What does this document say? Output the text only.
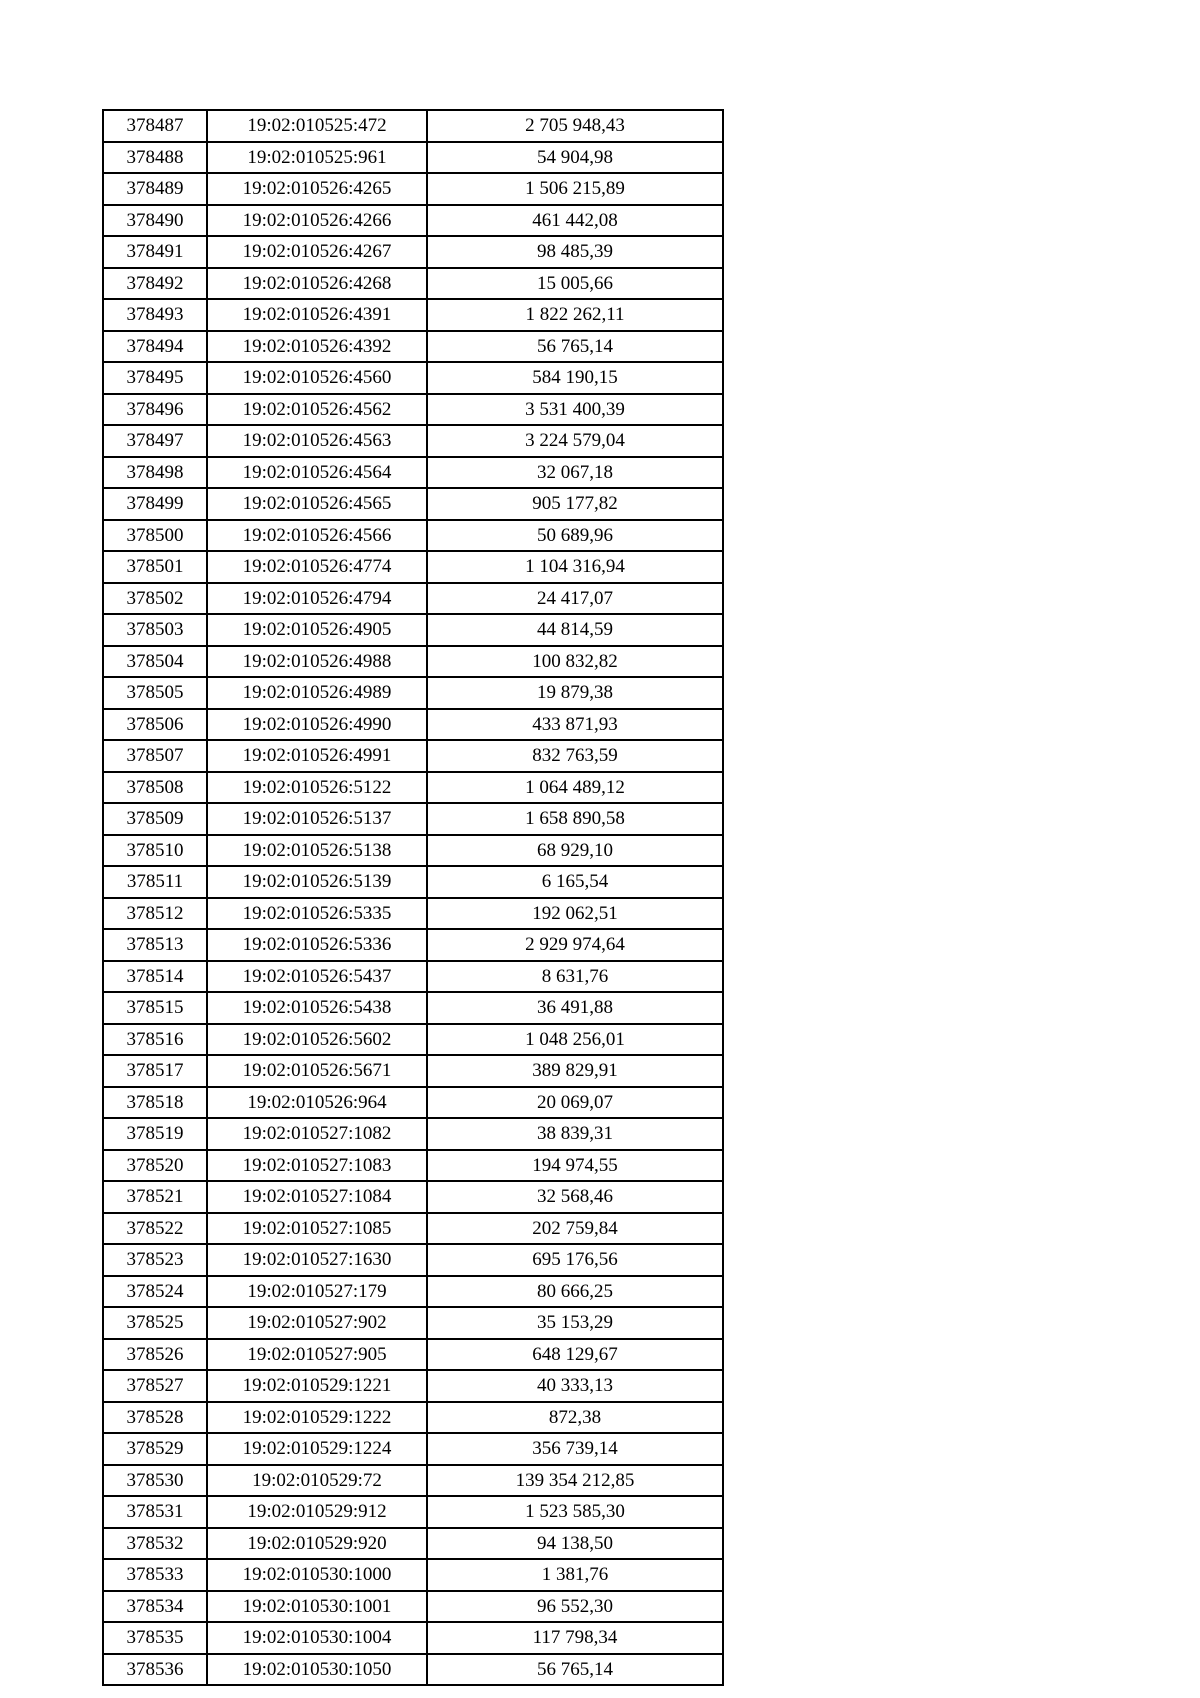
378487	19:02:010525:472	2 705 948,43
378488	19:02:010525:961	54 904,98
378489	19:02:010526:4265	1 506 215,89
378490	19:02:010526:4266	461 442,08
378491	19:02:010526:4267	98 485,39
378492	19:02:010526:4268	15 005,66
378493	19:02:010526:4391	1 822 262,11
378494	19:02:010526:4392	56 765,14
378495	19:02:010526:4560	584 190,15
378496	19:02:010526:4562	3 531 400,39
378497	19:02:010526:4563	3 224 579,04
378498	19:02:010526:4564	32 067,18
378499	19:02:010526:4565	905 177,82
378500	19:02:010526:4566	50 689,96
378501	19:02:010526:4774	1 104 316,94
378502	19:02:010526:4794	24 417,07
378503	19:02:010526:4905	44 814,59
378504	19:02:010526:4988	100 832,82
378505	19:02:010526:4989	19 879,38
378506	19:02:010526:4990	433 871,93
378507	19:02:010526:4991	832 763,59
378508	19:02:010526:5122	1 064 489,12
378509	19:02:010526:5137	1 658 890,58
378510	19:02:010526:5138	68 929,10
378511	19:02:010526:5139	6 165,54
378512	19:02:010526:5335	192 062,51
378513	19:02:010526:5336	2 929 974,64
378514	19:02:010526:5437	8 631,76
378515	19:02:010526:5438	36 491,88
378516	19:02:010526:5602	1 048 256,01
378517	19:02:010526:5671	389 829,91
378518	19:02:010526:964	20 069,07
378519	19:02:010527:1082	38 839,31
378520	19:02:010527:1083	194 974,55
378521	19:02:010527:1084	32 568,46
378522	19:02:010527:1085	202 759,84
378523	19:02:010527:1630	695 176,56
378524	19:02:010527:179	80 666,25
378525	19:02:010527:902	35 153,29
378526	19:02:010527:905	648 129,67
378527	19:02:010529:1221	40 333,13
378528	19:02:010529:1222	872,38
378529	19:02:010529:1224	356 739,14
378530	19:02:010529:72	139 354 212,85
378531	19:02:010529:912	1 523 585,30
378532	19:02:010529:920	94 138,50
378533	19:02:010530:1000	1 381,76
378534	19:02:010530:1001	96 552,30
378535	19:02:010530:1004	117 798,34
378536	19:02:010530:1050	56 765,14
